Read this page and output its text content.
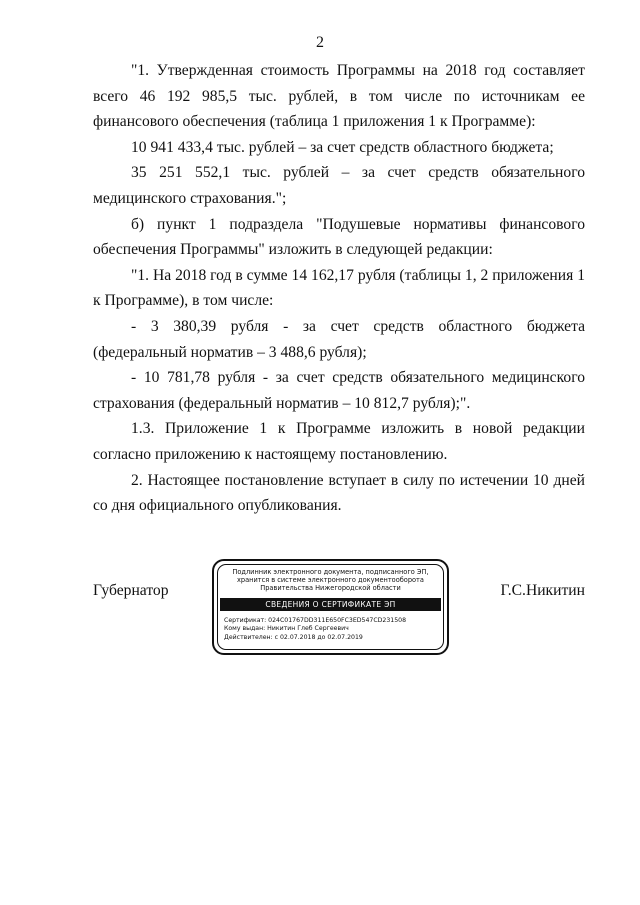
2

"1. Утвержденная стоимость Программы на 2018 год составляет всего 46 192 985,5 тыс. рублей, в том числе по источникам ее финансового обеспечения (таблица 1 приложения 1 к Программе):

10 941 433,4 тыс. рублей – за счет средств областного бюджета;

35 251 552,1 тыс. рублей – за счет средств обязательного медицинского страхования.";

б) пункт 1 подраздела "Подушевые нормативы финансового обеспечения Программы" изложить в следующей редакции:

"1. На 2018 год в сумме 14 162,17 рубля (таблицы 1, 2 приложения 1 к Программе), в том числе:

- 3 380,39 рубля - за счет средств областного бюджета (федеральный норматив – 3 488,6 рубля);

- 10 781,78 рубля - за счет средств обязательного медицинского страхования (федеральный норматив – 10 812,7 рубля);".

1.3. Приложение 1 к Программе изложить в новой редакции согласно приложению к настоящему постановлению.

2. Настоящее постановление вступает в силу по истечении 10 дней со дня официального опубликования.

Губернатор
Подлинник электронного документа, подписанного ЭП,
хранится в системе электронного документооборота
Правительства Нижегородской области
СВЕДЕНИЯ О СЕРТИФИКАТЕ ЭП
Сертификат: 024C01767DD311E650FC3ED547CD231508
Кому выдан: Никитин Глеб Сергеевич
Действителен: с 02.07.2018 до 02.07.2019
Г.С.Никитин
